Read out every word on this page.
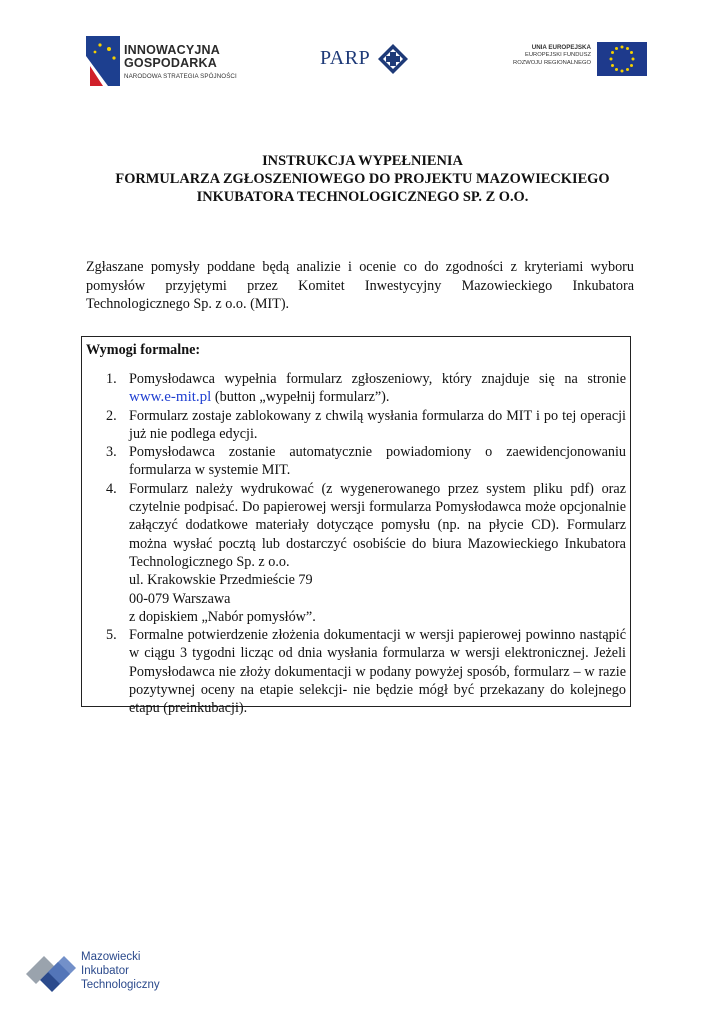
INNOWACYJNA
GOSPODARKA
NARODOWA STRATEGIA SPÓJNOŚCI
PARP	UNIA EUROPEJSKA
EUROPEJSKI FUNDUSZ
ROZWOJU REGIONALNEGO
INSTRUKCJA WYPEŁNIENIA
FORMULARZA ZGŁOSZENIOWEGO DO PROJEKTU MAZOWIECKIEGO
INKUBATORA TECHNOLOGICZNEGO SP. Z O.O.

Zgłaszane pomysły poddane będą analizie i ocenie co do zgodności z kryteriami wyboru pomysłów przyjętymi przez Komitet Inwestycyjny Mazowieckiego Inkubatora Technologicznego Sp. z o.o. (MIT).

Wymogi formalne:
1. Pomysłodawca wypełnia formularz zgłoszeniowy, który znajduje się na stronie www.e-mit.pl (button „wypełnij formularz”).
2. Formularz zostaje zablokowany z chwilą wysłania formularza do MIT i po tej operacji już nie podlega edycji.
3. Pomysłodawca zostanie automatycznie powiadomiony o zaewidencjonowaniu formularza w systemie MIT.
4. Formularz należy wydrukować (z wygenerowanego przez system pliku pdf) oraz czytelnie podpisać. Do papierowej wersji formularza Pomysłodawca może opcjonalnie załączyć dodatkowe materiały dotyczące pomysłu (np. na płycie CD). Formularz można wysłać pocztą lub dostarczyć osobiście do biura Mazowieckiego Inkubatora Technologicznego Sp. z o.o.
ul. Krakowskie Przedmieście 79
00-079 Warszawa
z dopiskiem „Nabór pomysłów”.
5. Formalne potwierdzenie złożenia dokumentacji w wersji papierowej powinno nastąpić w ciągu 3 tygodni licząc od dnia wysłania formularza w wersji elektronicznej. Jeżeli Pomysłodawca nie złoży dokumentacji w podany powyżej sposób, formularz – w razie pozytywnej oceny na etapie selekcji- nie będzie mógł być przekazany do kolejnego etapu (preinkubacji).
Mazowiecki
Inkubator
Technologiczny
